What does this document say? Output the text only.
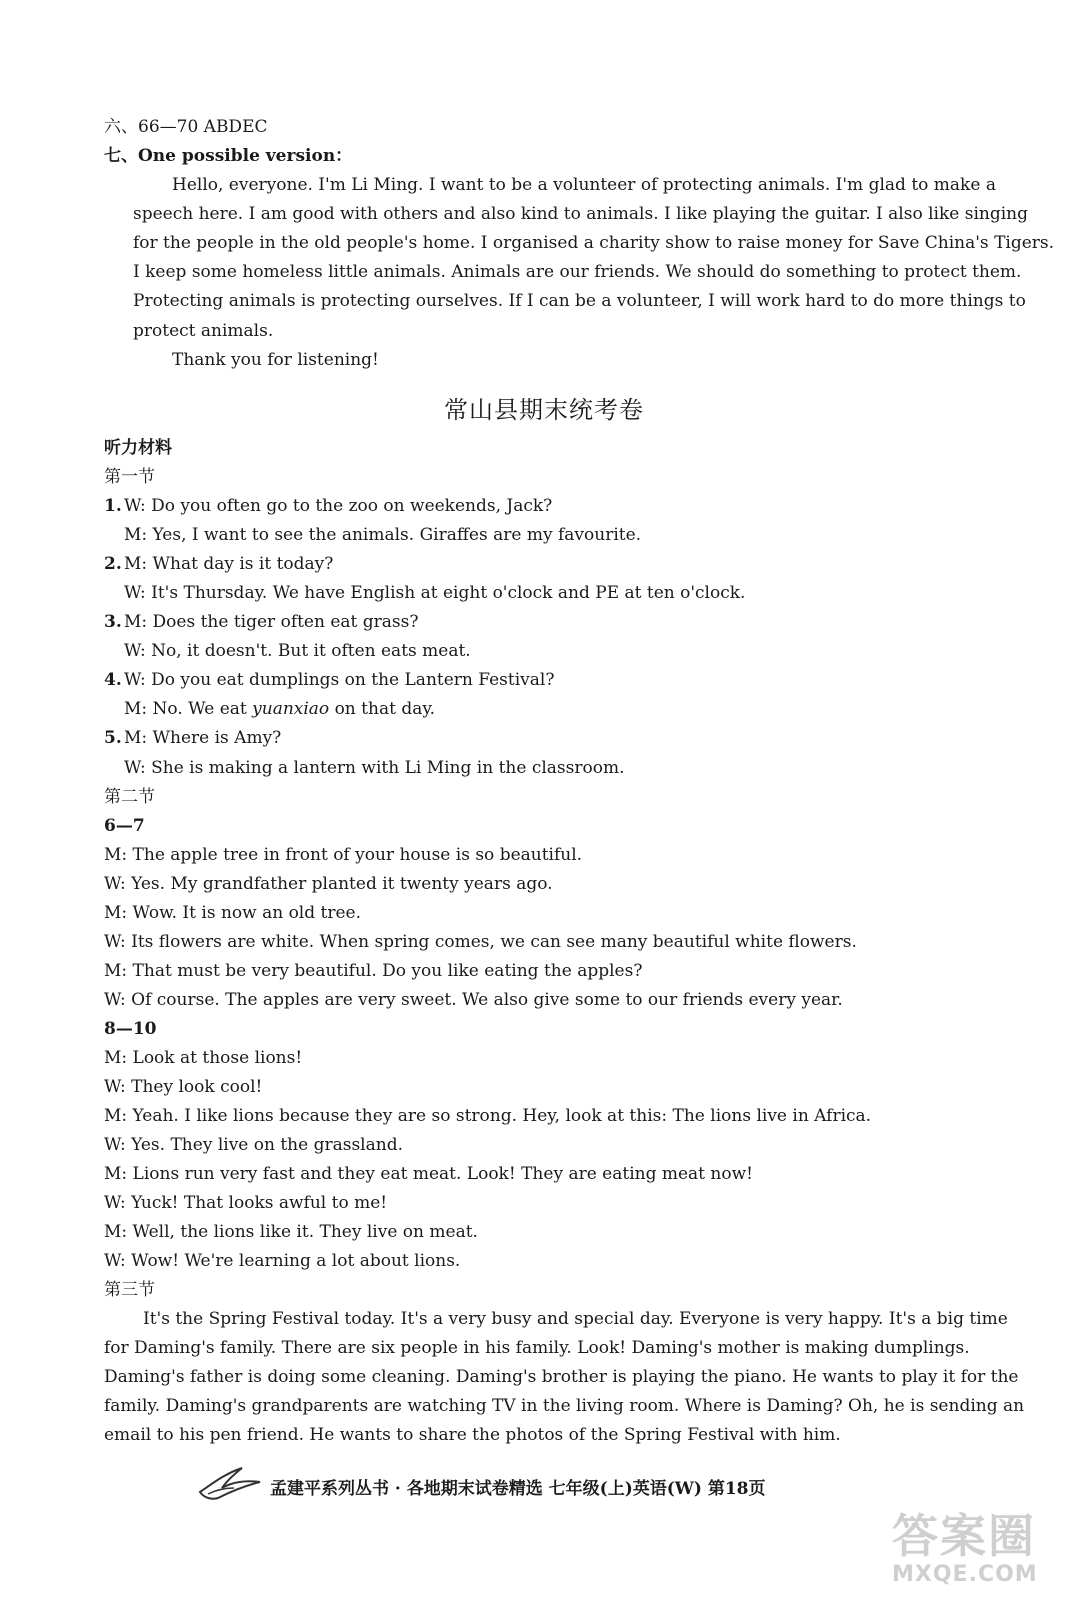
六、66—70 ABDEC
七、One possible version：
Hello, everyone. I'm Li Ming. I want to be a volunteer of protecting animals. I'm glad to make a
speech here. I am good with others and also kind to animals. I like playing the guitar. I also like singing
for the people in the old people's home. I organised a charity show to raise money for Save China's Tigers.
I keep some homeless little animals. Animals are our friends. We should do something to protect them.
Protecting animals is protecting ourselves. If I can be a volunteer, I will work hard to do more things to
protect animals.
Thank you for listening!
常山县期末统考卷
听力材料
第一节
1. W: Do you often go to the zoo on weekends, Jack?
M: Yes, I want to see the animals. Giraffes are my favourite.
2. M: What day is it today?
W: It's Thursday. We have English at eight o'clock and PE at ten o'clock.
3. M: Does the tiger often eat grass?
W: No, it doesn't. But it often eats meat.
4. W: Do you eat dumplings on the Lantern Festival?
M: No. We eat yuanxiao on that day.
5. M: Where is Amy?
W: She is making a lantern with Li Ming in the classroom.
第二节
6—7
M: The apple tree in front of your house is so beautiful.
W: Yes. My grandfather planted it twenty years ago.
M: Wow. It is now an old tree.
W: Its flowers are white. When spring comes, we can see many beautiful white flowers.
M: That must be very beautiful. Do you like eating the apples?
W: Of course. The apples are very sweet. We also give some to our friends every year.
8—10
M: Look at those lions!
W: They look cool!
M: Yeah. I like lions because they are so strong. Hey, look at this: The lions live in Africa.
W: Yes. They live on the grassland.
M: Lions run very fast and they eat meat. Look! They are eating meat now!
W: Yuck! That looks awful to me!
M: Well, the lions like it. They live on meat.
W: Wow! We're learning a lot about lions.
第三节
It's the Spring Festival today. It's a very busy and special day. Everyone is very happy. It's a big time
for Daming's family. There are six people in his family. Look! Daming's mother is making dumplings.
Daming's father is doing some cleaning. Daming's brother is playing the piano. He wants to play it for the
family. Daming's grandparents are watching TV in the living room. Where is Daming? Oh, he is sending an
email to his pen friend. He wants to share the photos of the Spring Festival with him.
孟建平系列丛书 · 各地期末试卷精选 七年级(上)英语(W) 第18页
答案圈
MXQE.COM
